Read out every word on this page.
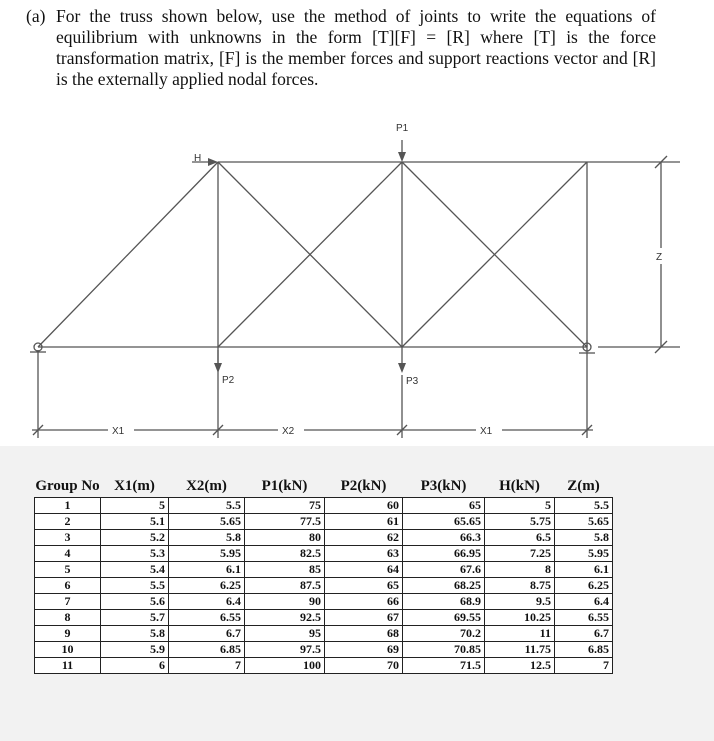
(a) For the truss shown below, use the method of joints to write the equations of equilibrium with unknowns in the form [T][F] = [R] where [T] is the force transformation matrix, [F] is the member forces and support reactions vector and [R] is the externally applied nodal forces.
P1
P2	P3
H
Z
X1	X2	X1
Group No	X1(m)	X2(m)	P1(kN)	P2(kN)	P3(kN)	H(kN)	Z(m)
1	5	5.5	75	60	65	5	5.5
2	5.1	5.65	77.5	61	65.65	5.75	5.65
3	5.2	5.8	80	62	66.3	6.5	5.8
4	5.3	5.95	82.5	63	66.95	7.25	5.95
5	5.4	6.1	85	64	67.6	8	6.1
6	5.5	6.25	87.5	65	68.25	8.75	6.25
7	5.6	6.4	90	66	68.9	9.5	6.4
8	5.7	6.55	92.5	67	69.55	10.25	6.55
9	5.8	6.7	95	68	70.2	11	6.7
10	5.9	6.85	97.5	69	70.85	11.75	6.85
11	6	7	100	70	71.5	12.5	7
